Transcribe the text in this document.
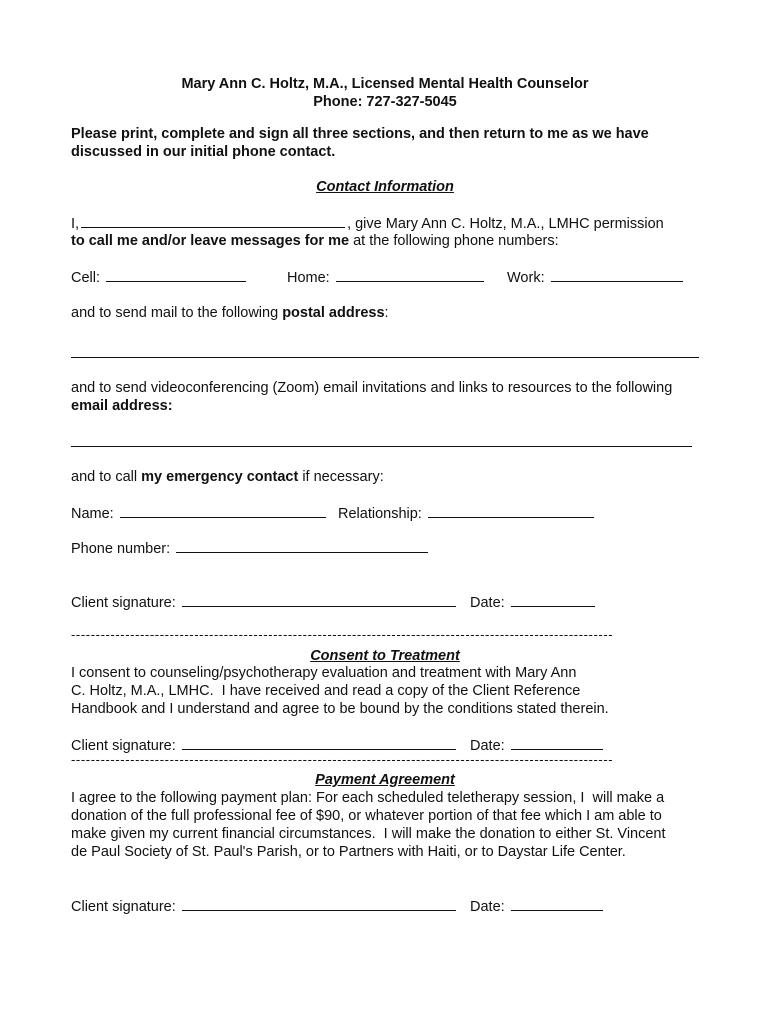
Mary Ann C. Holtz, M.A., Licensed Mental Health Counselor
Phone: 727-327-5045
Please print, complete and sign all three sections, and then return to me as we have
discussed in our initial phone contact.
Contact Information
I,	, give Mary Ann C. Holtz, M.A., LMHC permission
to call me and/or leave messages for me at the following phone numbers:
Cell:	Home:	Work:
and to send mail to the following postal address:
and to send videoconferencing (Zoom) email invitations and links to resources to the following
email address:
and to call my emergency contact if necessary:
Name:	Relationship:
Phone number:
Client signature:	Date:
--------------------------------------------------------------------------------------------------------------
Consent to Treatment
I consent to counseling/psychotherapy evaluation and treatment with Mary Ann
C. Holtz, M.A., LMHC.  I have received and read a copy of the Client Reference
Handbook and I understand and agree to be bound by the conditions stated therein.
Client signature:	Date:
--------------------------------------------------------------------------------------------------------------
Payment Agreement
I agree to the following payment plan: For each scheduled teletherapy session, I  will make a
donation of the full professional fee of $90, or whatever portion of that fee which I am able to
make given my current financial circumstances.  I will make the donation to either St. Vincent
de Paul Society of St. Paul's Parish, or to Partners with Haiti, or to Daystar Life Center.
Client signature:	Date:
